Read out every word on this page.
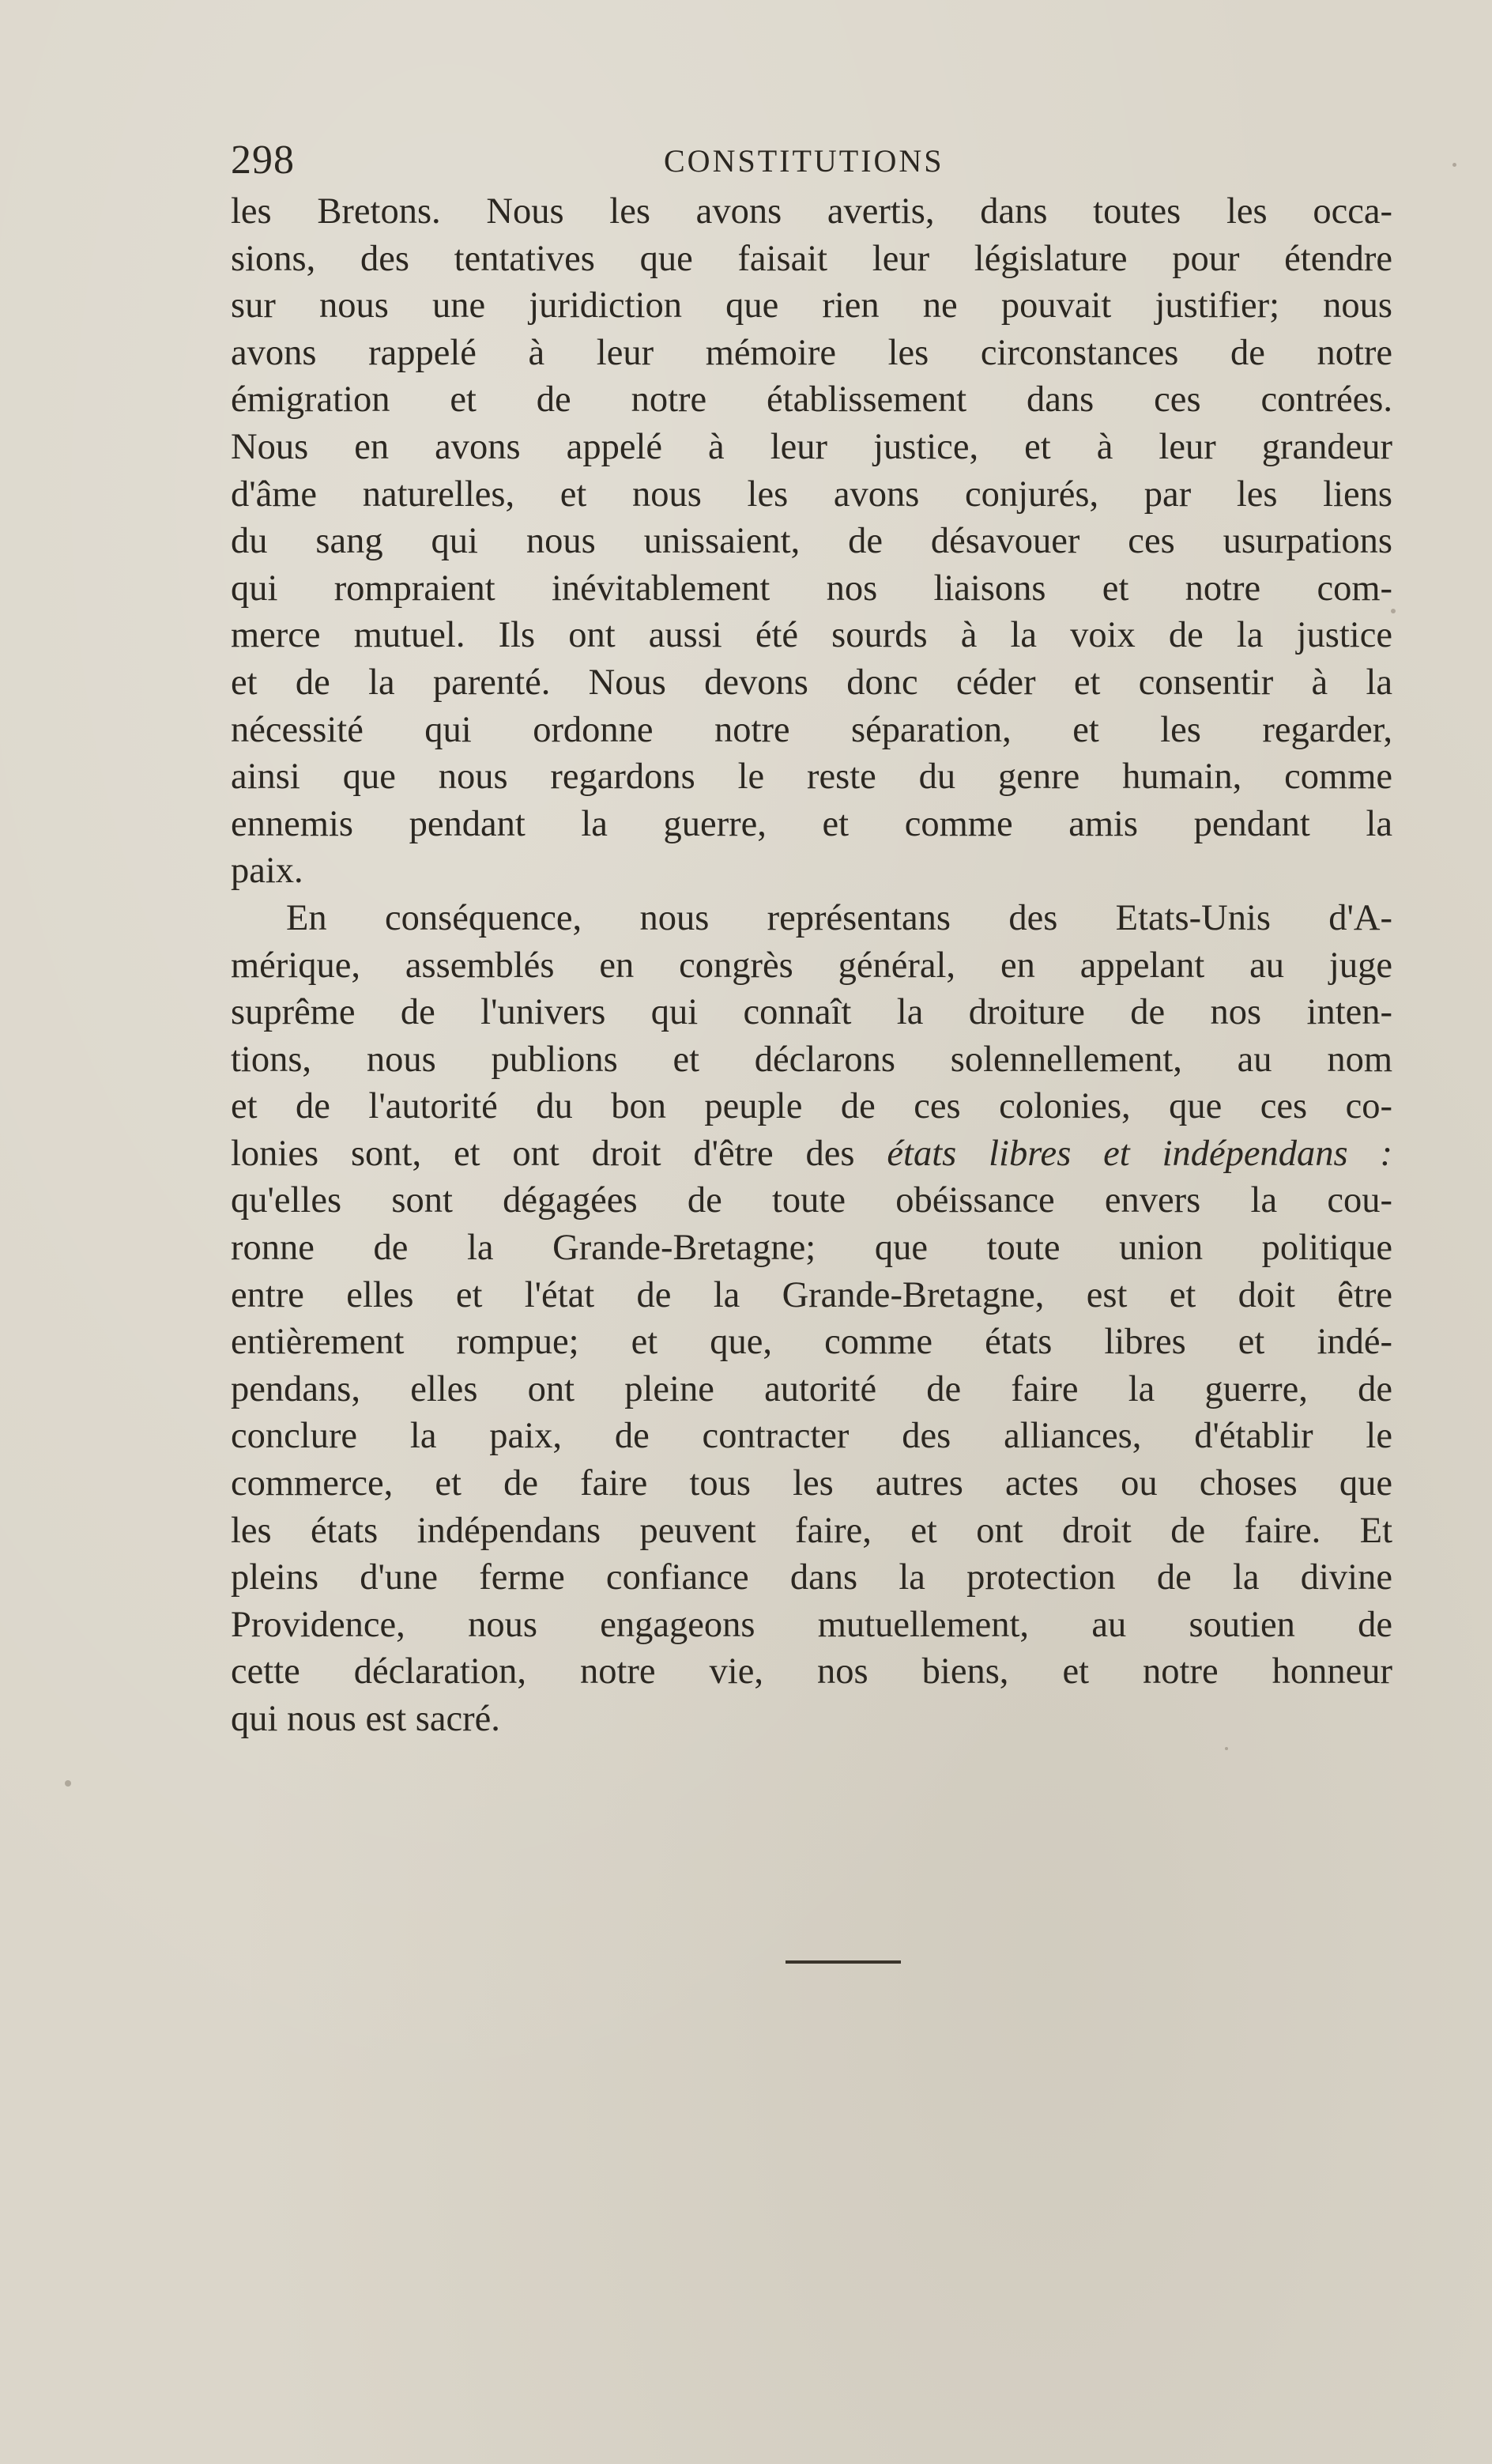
298	CONSTITUTIONS
les Bretons. Nous les avons avertis, dans toutes les occa-
sions, des tentatives que faisait leur législature pour étendre
sur nous une juridiction que rien ne pouvait justifier; nous
avons rappelé à leur mémoire les circonstances de notre
émigration et de notre établissement dans ces contrées.
Nous en avons appelé à leur justice, et à leur grandeur
d'âme naturelles, et nous les avons conjurés, par les liens
du sang qui nous unissaient, de désavouer ces usurpations
qui rompraient inévitablement nos liaisons et notre com-
merce mutuel. Ils ont aussi été sourds à la voix de la justice
et de la parenté. Nous devons donc céder et consentir à la
nécessité qui ordonne notre séparation, et les regarder,
ainsi que nous regardons le reste du genre humain, comme
ennemis pendant la guerre, et comme amis pendant la
paix.
En conséquence, nous représentans des Etats-Unis d'A-
mérique, assemblés en congrès général, en appelant au juge
suprême de l'univers qui connaît la droiture de nos inten-
tions, nous publions et déclarons solennellement, au nom
et de l'autorité du bon peuple de ces colonies, que ces co-
lonies sont, et ont droit d'être des états libres et indépendans :
qu'elles sont dégagées de toute obéissance envers la cou-
ronne de la Grande-Bretagne; que toute union politique
entre elles et l'état de la Grande-Bretagne, est et doit être
entièrement rompue; et que, comme états libres et indé-
pendans, elles ont pleine autorité de faire la guerre, de
conclure la paix, de contracter des alliances, d'établir le
commerce, et de faire tous les autres actes ou choses que
les états indépendans peuvent faire, et ont droit de faire. Et
pleins d'une ferme confiance dans la protection de la divine
Providence, nous engageons mutuellement, au soutien de
cette déclaration, notre vie, nos biens, et notre honneur
qui nous est sacré.
